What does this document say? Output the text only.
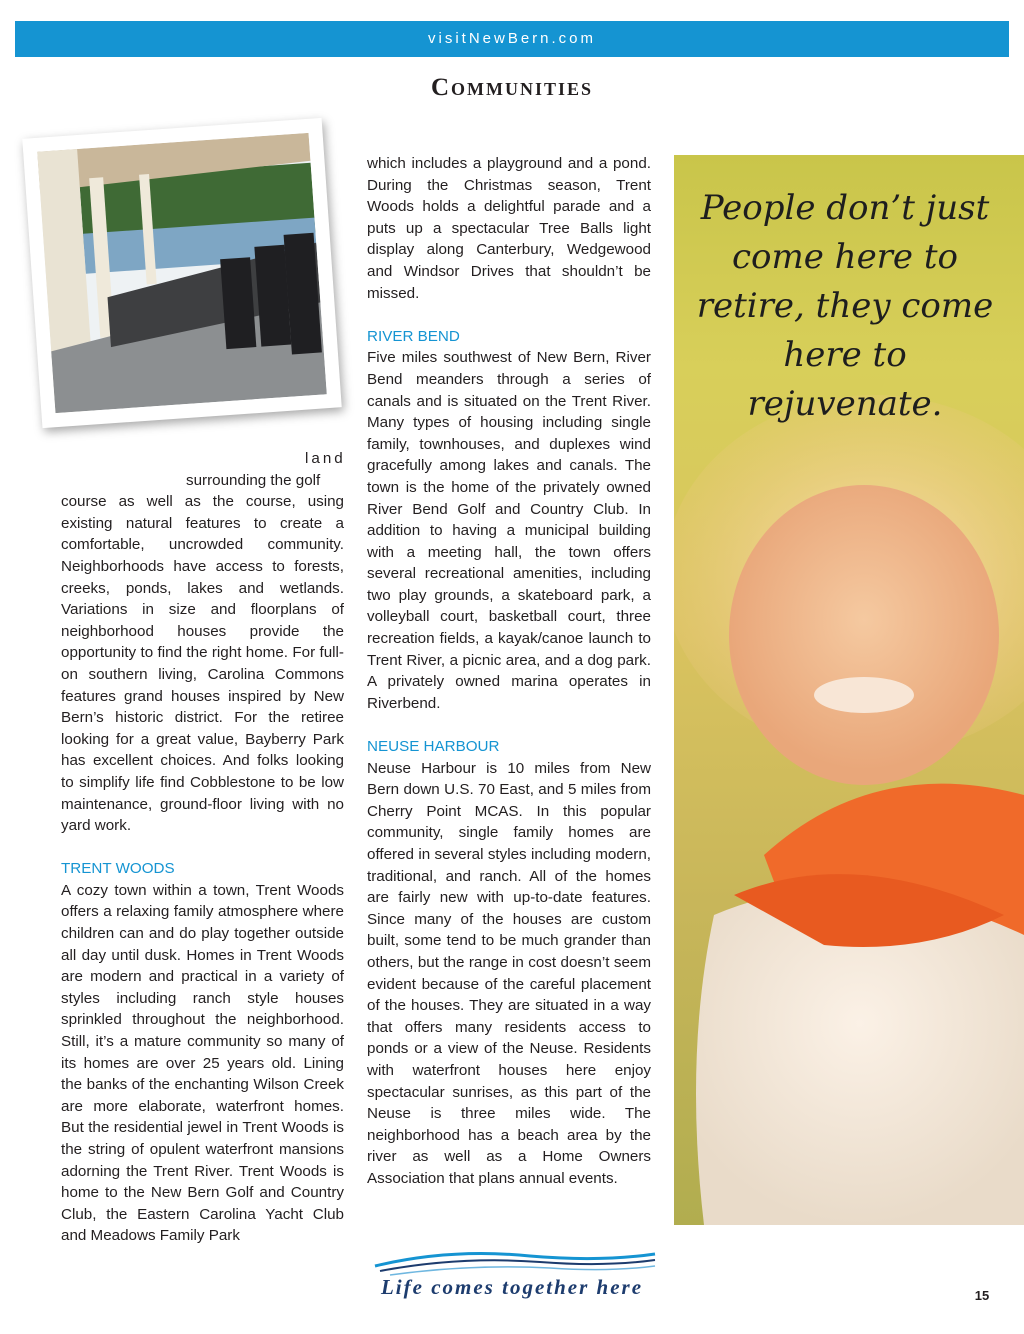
visitNewBern.com
Communities

land

surrounding the golf

course as well as the course, using existing natural features to create a comfortable, uncrowded community. Neighborhoods have access to forests, creeks, ponds, lakes and wetlands. Variations in size and floorplans of neighborhood houses provide the opportunity to find the right home. For full-on southern living, Carolina Commons features grand houses inspired by New Bern’s historic district. For the retiree looking for a great value, Bayberry Park has excellent choices. And folks looking to simplify life find Cobblestone to be low maintenance, ground-floor living with no yard work.

TRENT WOODS

A cozy town within a town, Trent Woods offers a relaxing family atmosphere where children can and do play together outside all day until dusk. Homes in Trent Woods are modern and practical in a variety of styles including ranch style houses sprinkled throughout the neighborhood. Still, it’s a mature community so many of its homes are over 25 years old. Lining the banks of the enchanting Wilson Creek are more elaborate, waterfront homes. But the residential jewel in Trent Woods is the string of opulent waterfront mansions adorning the Trent River. Trent Woods is home to the New Bern Golf and Country Club, the Eastern Carolina Yacht Club and Meadows Family Park

which includes a playground and a pond. During the Christmas season, Trent Woods holds a delightful parade and a puts up a spectacular Tree Balls light display along Canterbury, Wedgewood and Windsor Drives that shouldn’t be missed.

RIVER BEND

Five miles southwest of New Bern, River Bend meanders through a series of canals and is situated on the Trent River. Many types of housing including single family, townhouses, and duplexes wind gracefully among lakes and canals. The town is the home of the privately owned River Bend Golf and Country Club. In addition to having a municipal building with a meeting hall, the town offers several recreational amenities, including two play grounds, a skateboard park, a volleyball court, basketball court, three recreation fields, a kayak/canoe launch to Trent River, a picnic area, and a dog park. A privately owned marina operates in Riverbend.

NEUSE HARBOUR

Neuse Harbour is 10 miles from New Bern down U.S. 70 East, and 5 miles from Cherry Point MCAS. In this popular community, single family homes are offered in several styles including modern, traditional, and ranch. All of the homes are fairly new with up-to-date features. Since many of the houses are custom built, some tend to be much grander than others, but the range in cost doesn’t seem evident because of the careful placement of the houses. They are situated in a way that offers many residents access to ponds or a view of the Neuse. Residents with waterfront houses here enjoy spectacular sunrises, as this part of the Neuse is three miles wide. The neighborhood has a beach area by the river as well as a Home Owners Association that plans annual events.

People don’t just come here to retire, they come here to rejuvenate.
Life comes together here	15
